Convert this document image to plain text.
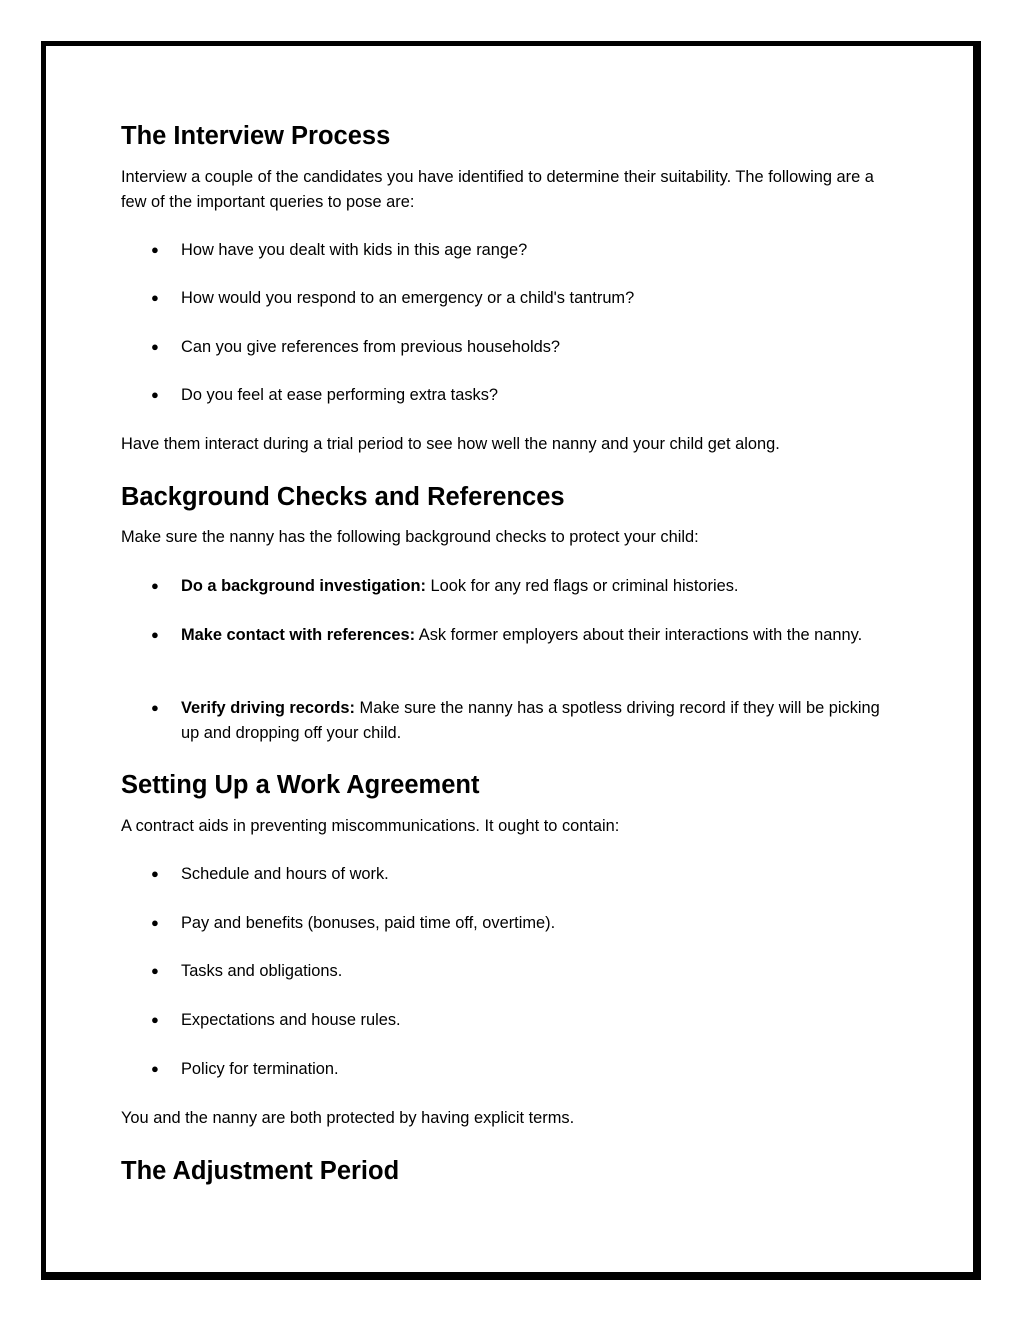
The Interview Process

Interview a couple of the candidates you have identified to determine their suitability. The following are a few of the important queries to pose are:

● How have you dealt with kids in this age range?
● How would you respond to an emergency or a child's tantrum?
● Can you give references from previous households?
● Do you feel at ease performing extra tasks?

Have them interact during a trial period to see how well the nanny and your child get along.

Background Checks and References

Make sure the nanny has the following background checks to protect your child:

● Do a background investigation: Look for any red flags or criminal histories.
● Make contact with references: Ask former employers about their interactions with the nanny.
● Verify driving records: Make sure the nanny has a spotless driving record if they will be picking up and dropping off your child.
Setting Up a Work Agreement

A contract aids in preventing miscommunications. It ought to contain:

● Schedule and hours of work.
● Pay and benefits (bonuses, paid time off, overtime).
● Tasks and obligations.
● Expectations and house rules.
● Policy for termination.

You and the nanny are both protected by having explicit terms.

The Adjustment Period
